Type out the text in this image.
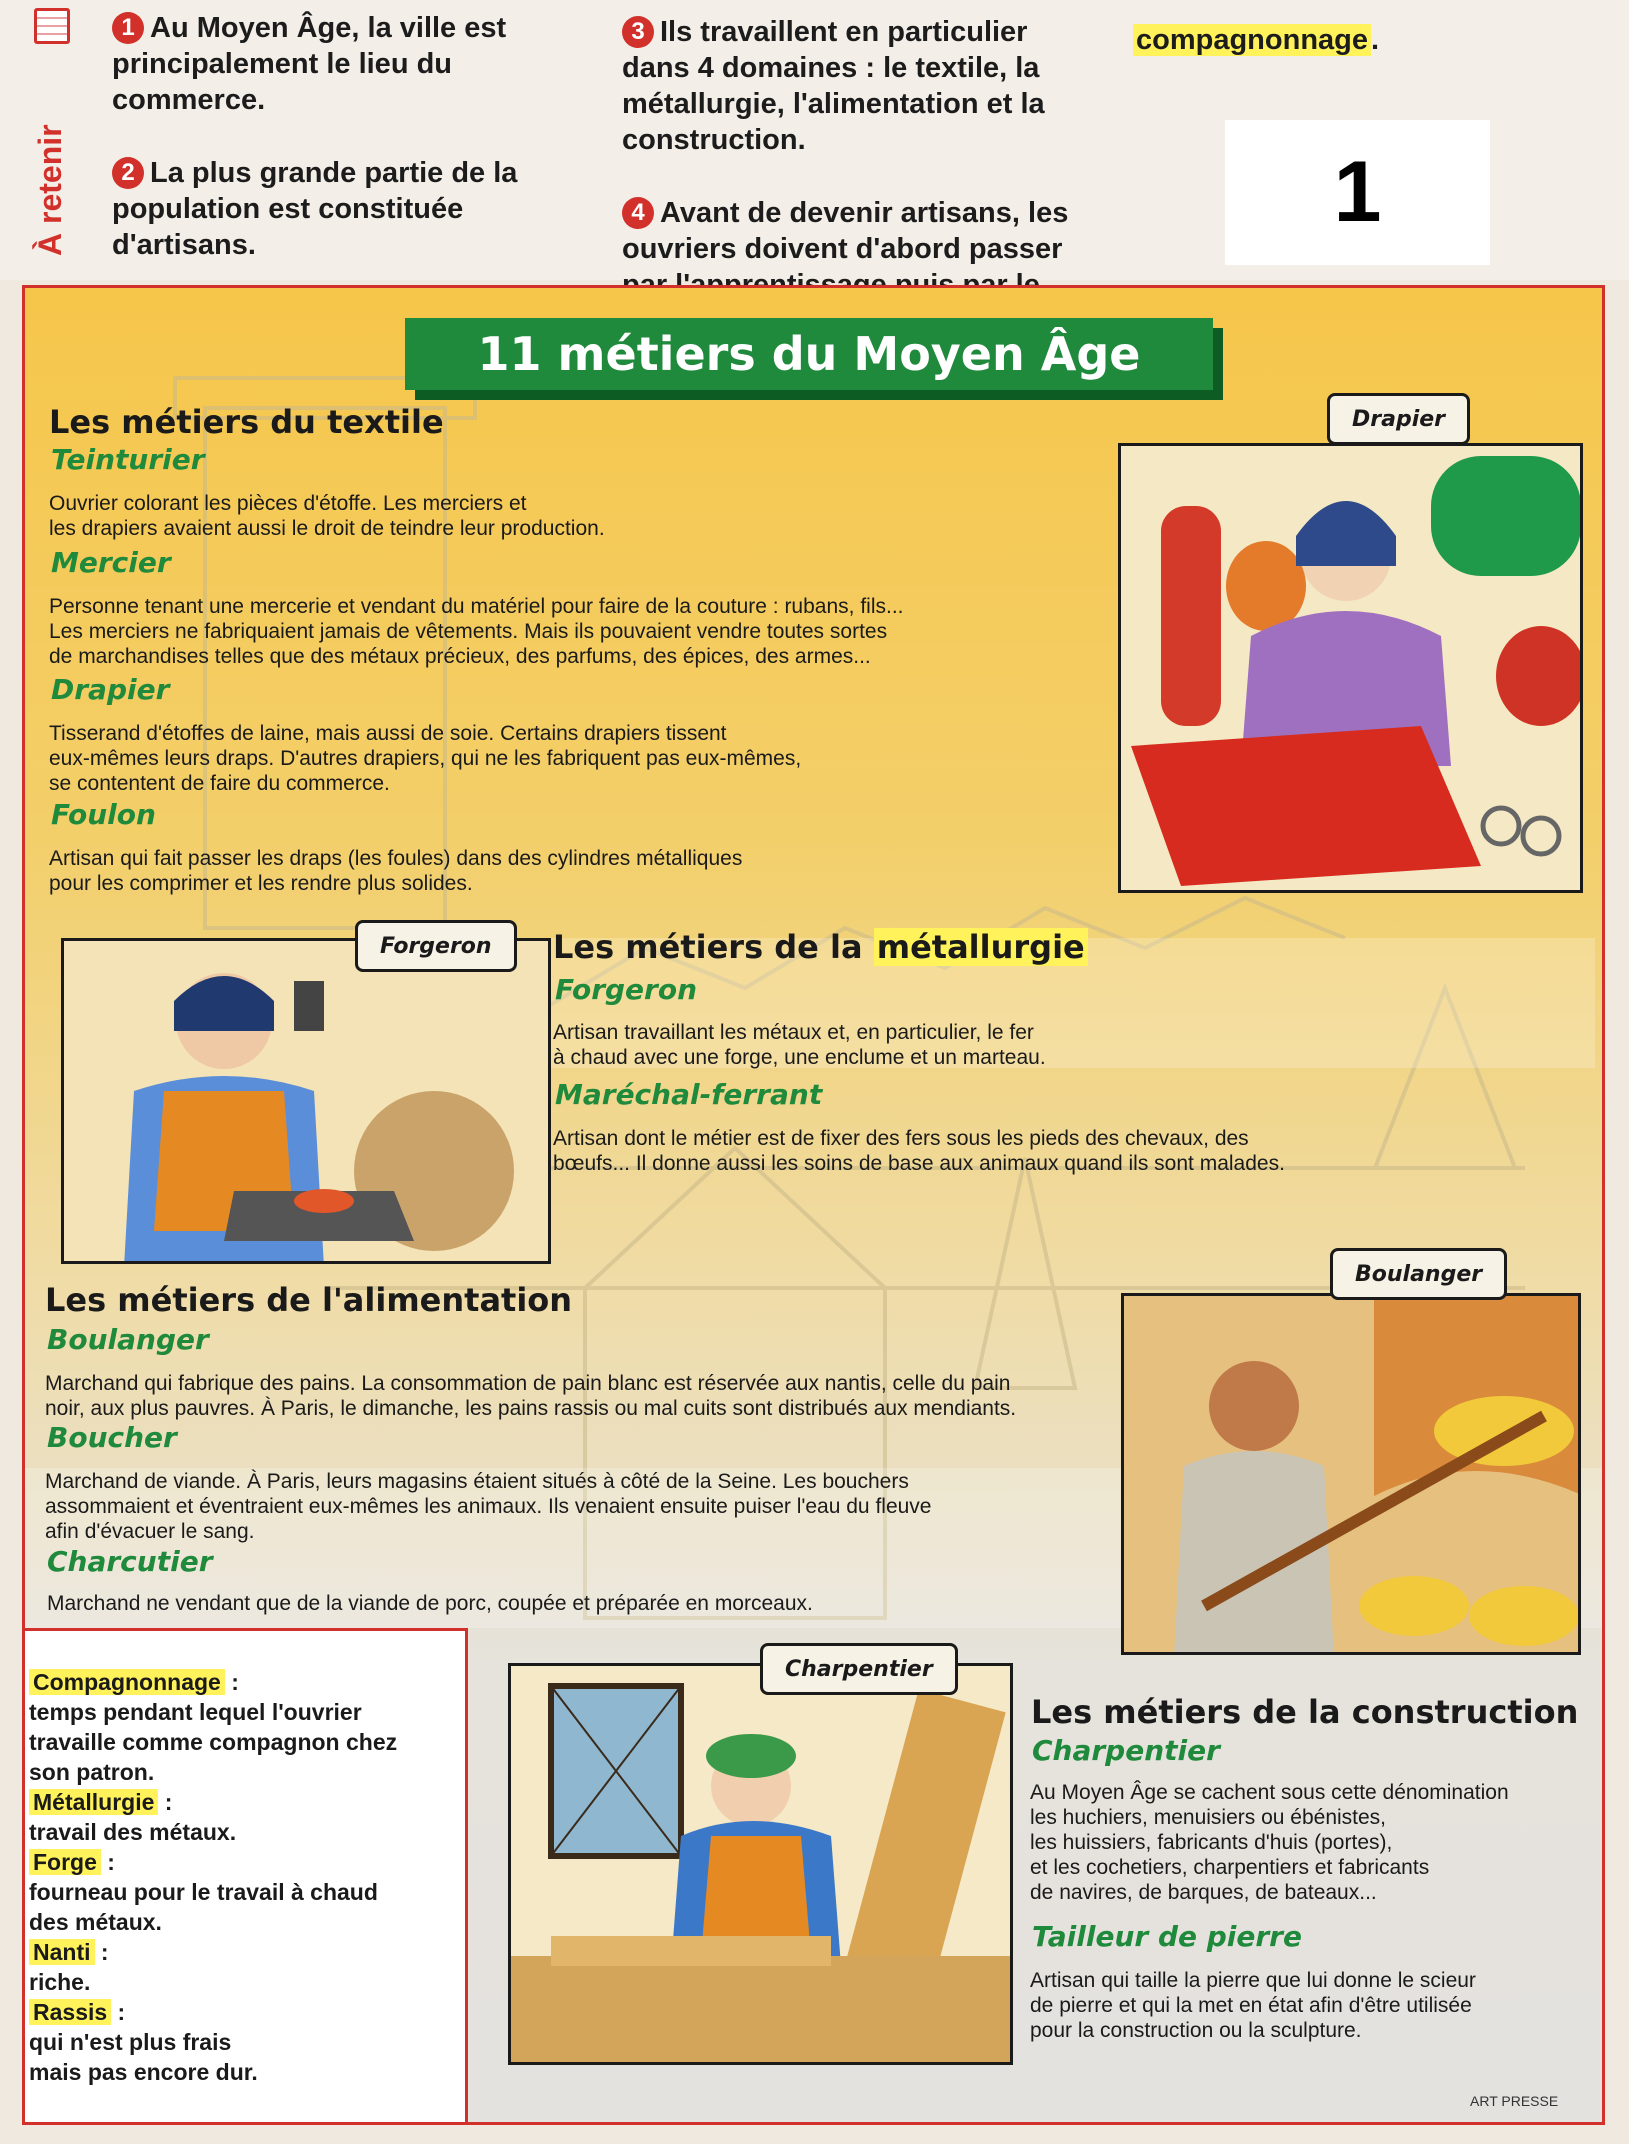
À retenir
1 Au Moyen Âge, la ville est principalement le lieu du commerce.
2 La plus grande partie de la population est constituée d'artisans.
3 Ils travaillent en particulier dans 4 domaines : le textile, la métallurgie, l'alimentation et la construction.
4 Avant de devenir artisans, les ouvriers doivent d'abord passer
compagnonnage .
1
11 métiers du Moyen Âge
Les métiers du textile
Teinturier

Ouvrier colorant les pièces d'étoffe. Les merciers et

les drapiers avaient aussi le droit de teindre leur production.

Mercier

Personne tenant une mercerie et vendant du matériel pour faire de la couture : rubans, fils...

Les merciers ne fabriquaient jamais de vêtements. Mais ils pouvaient vendre toutes sortes

de marchandises telles que des métaux précieux, des parfums, des épices, des armes...

Drapier

Tisserand d'étoffes de laine, mais aussi de soie. Certains drapiers tissent

eux-mêmes leurs draps. D'autres drapiers, qui ne les fabriquent pas eux-mêmes,

se contentent de faire du commerce.

Foulon

Artisan qui fait passer les draps (les foules) dans des cylindres métalliques

pour les comprimer et les rendre plus solides.

Drapier
Forgeron	Les métiers de la métallurgie
Forgeron

Artisan travaillant les métaux et, en particulier, le fer

à chaud avec une forge, une enclume et un marteau.

Maréchal-ferrant

Artisan dont le métier est de fixer des fers sous les pieds des chevaux, des

bœufs... Il donne aussi les soins de base aux animaux quand ils sont malades.

Les métiers de l'alimentation
Boulanger

Marchand qui fabrique des pains. La consommation de pain blanc est réservée aux nantis, celle du pain

noir, aux plus pauvres. À Paris, le dimanche, les pains rassis ou mal cuits sont distribués aux mendiants.

Boucher

Marchand de viande. À Paris, leurs magasins étaient situés à côté de la Seine. Les bouchers

assommaient et éventraient eux-mêmes les animaux. Ils venaient ensuite puiser l'eau du fleuve

afin d'évacuer le sang.

Charcutier

Marchand ne vendant que de la viande de porc, coupée et préparée en morceaux.

Boulanger
Charpentier
Les métiers de la construction
Charpentier

Au Moyen Âge se cachent sous cette dénomination

les huchiers, menuisiers ou ébénistes,

les huissiers, fabricants d'huis (portes),

et les cochetiers, charpentiers et fabricants

de navires, de barques, de bateaux...

Tailleur de pierre

Artisan qui taille la pierre que lui donne le scieur

de pierre et qui la met en état afin d'être utilisée

pour la construction ou la sculpture.

Compagnonnage :
temps pendant lequel l'ouvrier
travaille comme compagnon chez
son patron.
Métallurgie :
travail des métaux.
Forge :
fourneau pour le travail à chaud
des métaux.
Nanti :
riche.
Rassis :
qui n'est plus frais
mais pas encore dur.
ART PRESSE
